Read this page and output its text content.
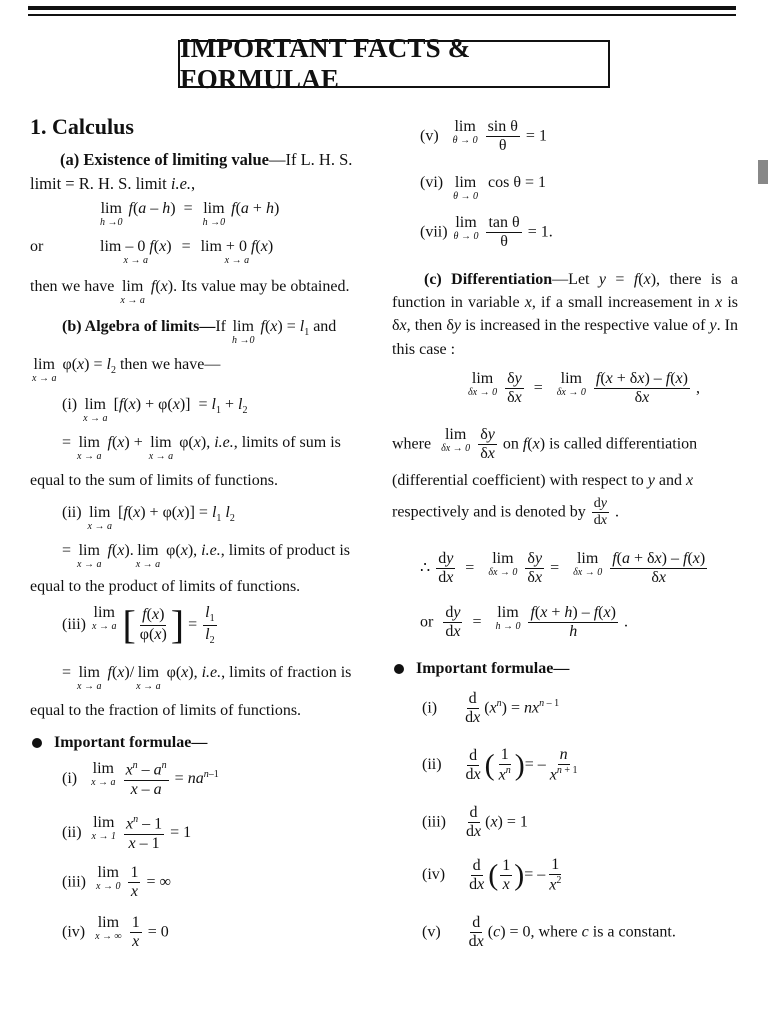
IMPORTANT FACTS & FORMULAE
1. Calculus
(a) Existence of limiting value—If L. H. S. limit = R. H. S. limit i.e.,
lim
h →0
f(a – h)  = lim
h →0
f(a + h)
or	lim – 0 f(x)
x → a
= lim + 0 f(x)
x → a
then we have lim
x → a
f(x). Its value may be obtained.
(b) Algebra of limits—If lim
h →0
$f(x) = l_1$ and
lim
x → a
$\varphi(x) = l_2$ then we have—
(i) lim
x → a
$[f(x) + \varphi(x)] = l_1 + l_2$
= lim
x → a
f(x) + lim
x → a
φ(x), i.e., limits of sum is
equal to the sum of limits of functions.
(ii) lim
x → a
$[f(x) + \varphi(x)] = l_1$ $l_2$
= lim
x → a
f(x). lim
x → a
φ(x), i.e., limits of product is
equal to the product of limits of functions.
(iii)
lim
x → a [ $\frac{f(x)}{\varphi(x)}$ ] = $\frac{l_1}{l_2}$
= lim
x → a
f(x)/ lim
x → a
φ(x), i.e., limits of fraction is
equal to the fraction of limits of functions.
Important formulae—
(i)
lim
x → a
$\frac{x^n - a^n}{x - a} = na^{n-1}$
(ii)
lim
x → 1
$\frac{x^n - 1}{x - 1} = 1$
(iii)
lim
x → 0
$\frac{1}{x}$ = ∞
(iv)
lim
x → ∞
$\frac{1}{x} = 0$
(v)
lim
θ → 0
$\frac{\text{sin θ}}{\theta} = 1$
(vi) lim
θ → 0
cos θ = 1
(vii)
lim
θ → 0
$\frac{\text{tan θ}}{\theta} = 1$.
(c) Differentiation—Let y = f(x), there is a function in variable x, if a small increasement in x is δx, then δy is increased in the respective value of y. In this case :
lim
δx → 0
$\frac{\delta y}{\delta x}$ =
lim
δx → 0
$\frac{f(x + \delta x) - f(x)}{\delta x}$ ,
where
lim
δx → 0
$\frac{\delta y}{\delta x}$ on f(x) is called differentiation
(differential coefficient) with respect to y and x
respectively and is denoted by $\frac{dy}{dx}$ .
∴ $\frac{dy}{dx}$ =
lim
δx → 0
$\frac{\delta y}{\delta x}$ =
lim
δx → 0
$\frac{f(a + \delta x) - f(x)}{\delta x}$
or $\frac{dy}{dx}$ =
lim
h → 0
$\frac{f(x + h) - f(x)}{h}$ .
Important formulae—
$(i) \frac{d}{dx} (x^n) = nx^{n - 1}$
$(ii) \frac{d}{dx}$ ( $\frac{1}{x^n}$ )= – $\frac{n}{x^{n + 1}}$
$(iii) \frac{d}{dx} (x) = 1$
$(iv) \frac{d}{dx}$ ( $\frac{1}{x}$ )= – $\frac{1}{x^2}$
$(v) \frac{d}{dx} (c) = 0$, where c is a constant.
